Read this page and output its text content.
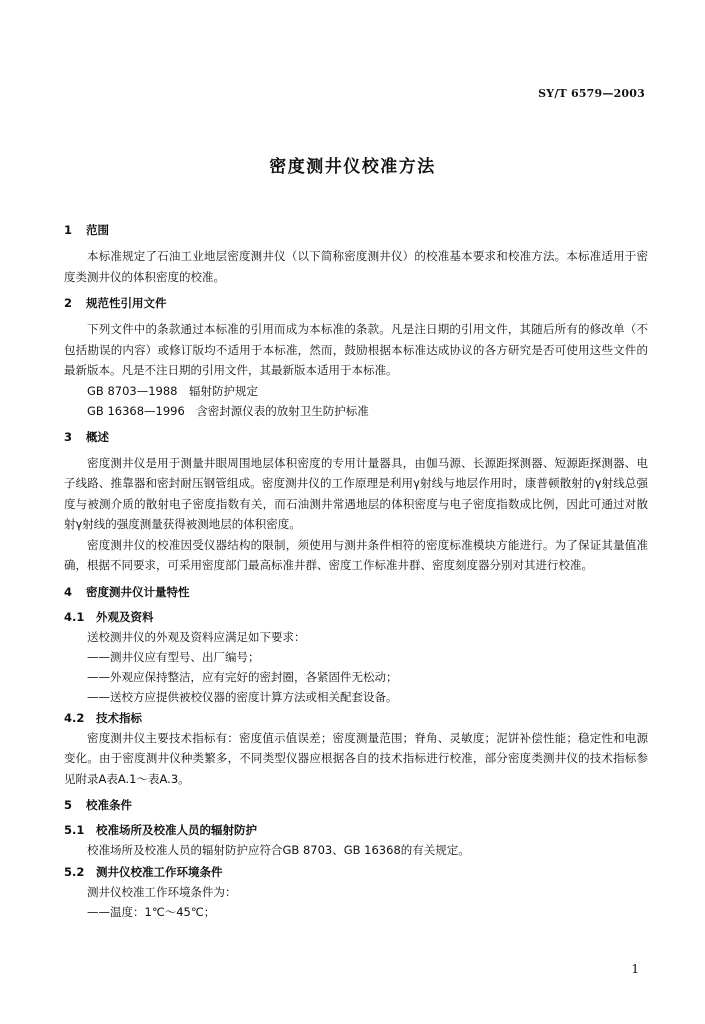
SY/T 6579—2003
密度测井仪校准方法
1 范围

本标准规定了石油工业地层密度测井仪（以下简称密度测井仪）的校准基本要求和校准方法。本标准适用于密度类测井仪的体积密度的校准。

2 规范性引用文件

下列文件中的条款通过本标准的引用而成为本标准的条款。凡是注日期的引用文件，其随后所有的修改单（不包括勘误的内容）或修订版均不适用于本标准，然而，鼓励根据本标准达成协议的各方研究是否可使用这些文件的最新版本。凡是不注日期的引用文件，其最新版本适用于本标准。

GB 8703—1988　辐射防护规定
GB 16368—1996　含密封源仪表的放射卫生防护标准
3 概述

密度测井仪是用于测量井眼周围地层体积密度的专用计量器具，由伽马源、长源距探测器、短源距探测器、电子线路、推靠器和密封耐压钢管组成。密度测井仪的工作原理是利用γ射线与地层作用时，康普顿散射的γ射线总强度与被测介质的散射电子密度指数有关，而石油测井常遇地层的体积密度与电子密度指数成比例，因此可通过对散射γ射线的强度测量获得被测地层的体积密度。

密度测井仪的校准因受仪器结构的限制，须使用与测井条件相符的密度标准模块方能进行。为了保证其量值准确，根据不同要求，可采用密度部门最高标准井群、密度工作标准井群、密度刻度器分别对其进行校准。

4 密度测井仪计量特性
4.1 外观及资料
送校测井仪的外观及资料应满足如下要求：
——测井仪应有型号、出厂编号；
——外观应保持整洁，应有完好的密封圈，各紧固件无松动；
——送校方应提供被校仪器的密度计算方法或相关配套设备。
4.2 技术指标

密度测井仪主要技术指标有：密度值示值误差；密度测量范围；脊角、灵敏度；泥饼补偿性能；稳定性和电源变化。由于密度测井仪种类繁多，不同类型仪器应根据各自的技术指标进行校准，部分密度类测井仪的技术指标参见附录A表A.1～表A.3。

5 校准条件
5.1 校准场所及校准人员的辐射防护

校准场所及校准人员的辐射防护应符合GB 8703、GB 16368的有关规定。

5.2 测井仪校准工作环境条件
测井仪校准工作环境条件为：
——温度：1℃～45℃；
1
